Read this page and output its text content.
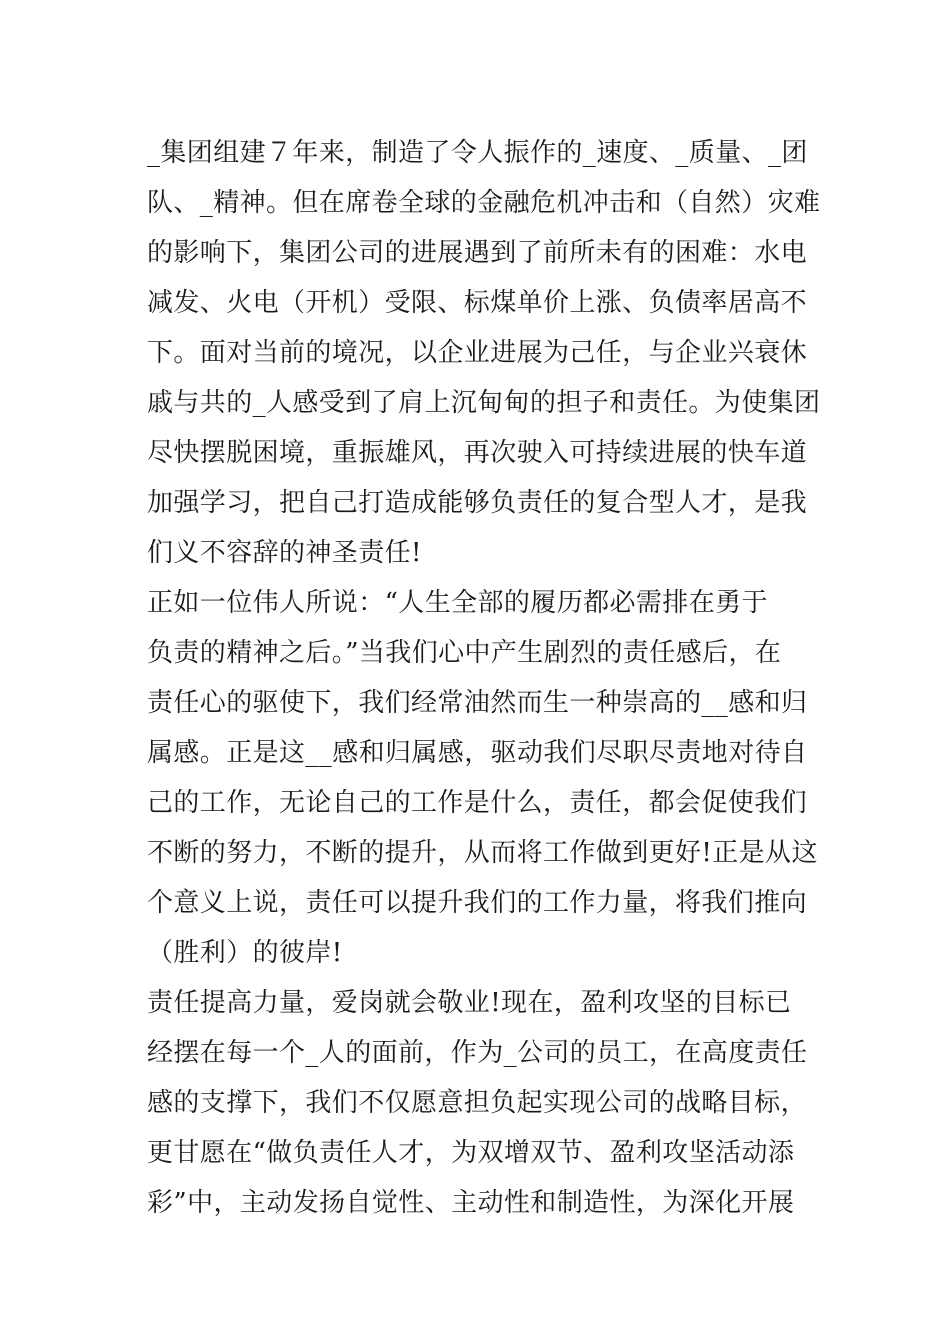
_集团组建７年来，制造了令人振作的_速度、_质量、_团
队、_精神。但在席卷全球的金融危机冲击和（自然）灾难
的影响下，集团公司的进展遇到了前所未有的困难：水电
减发、火电（开机）受限、标煤单价上涨、负债率居高不
下。面对当前的境况，以企业进展为己任，与企业兴衰休
戚与共的_人感受到了肩上沉甸甸的担子和责任。为使集团
尽快摆脱困境，重振雄风，再次驶入可持续进展的快车道
加强学习，把自己打造成能够负责任的复合型人才，是我
们义不容辞的神圣责任!
正如一位伟人所说：“人生全部的履历都必需排在勇于
负责的精神之后。”当我们心中产生剧烈的责任感后，在
责任心的驱使下，我们经常油然而生一种崇高的__感和归
属感。正是这__感和归属感，驱动我们尽职尽责地对待自
己的工作，无论自己的工作是什么，责任，都会促使我们
不断的努力，不断的提升，从而将工作做到更好!正是从这
个意义上说，责任可以提升我们的工作力量，将我们推向
（胜利）的彼岸!
责任提高力量，爱岗就会敬业!现在，盈利攻坚的目标已
经摆在每一个_人的面前，作为_公司的员工，在高度责任
感的支撑下，我们不仅愿意担负起实现公司的战略目标，
更甘愿在“做负责任人才，为双增双节、盈利攻坚活动添
彩”中，主动发扬自觉性、主动性和制造性，为深化开展
